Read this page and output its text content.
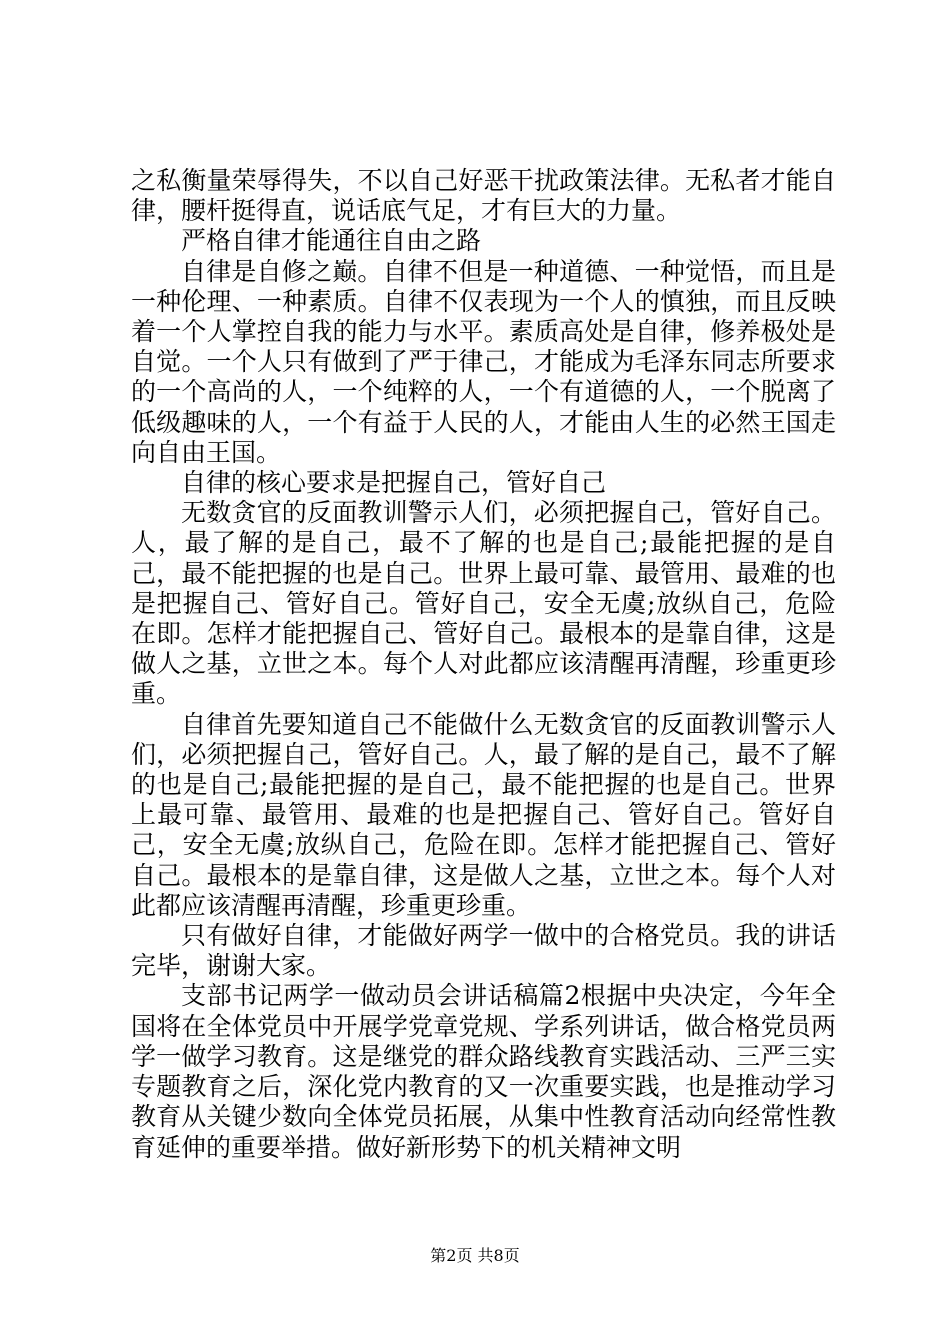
之私衡量荣辱得失，不以自己好恶干扰政策法律。无私者才能自律，腰杆挺得直，说话底气足，才有巨大的力量。

严格自律才能通往自由之路

自律是自修之巅。自律不但是一种道德、一种觉悟，而且是一种伦理、一种素质。自律不仅表现为一个人的慎独，而且反映着一个人掌控自我的能力与水平。素质高处是自律，修养极处是自觉。一个人只有做到了严于律己，才能成为毛泽东同志所要求的一个高尚的人，一个纯粹的人，一个有道德的人，一个脱离了低级趣味的人，一个有益于人民的人，才能由人生的必然王国走向自由王国。

自律的核心要求是把握自己，管好自己

无数贪官的反面教训警示人们，必须把握自己，管好自己。人，最了解的是自己，最不了解的也是自己;最能把握的是自己，最不能把握的也是自己。世界上最可靠、最管用、最难的也是把握自己、管好自己。管好自己，安全无虞;放纵自己，危险在即。怎样才能把握自己、管好自己。最根本的是靠自律，这是做人之基，立世之本。每个人对此都应该清醒再清醒，珍重更珍重。

自律首先要知道自己不能做什么无数贪官的反面教训警示人们，必须把握自己，管好自己。人，最了解的是自己，最不了解的也是自己;最能把握的是自己，最不能把握的也是自己。世界上最可靠、最管用、最难的也是把握自己、管好自己。管好自己，安全无虞;放纵自己，危险在即。怎样才能把握自己、管好自己。最根本的是靠自律，这是做人之基，立世之本。每个人对此都应该清醒再清醒，珍重更珍重。

只有做好自律，才能做好两学一做中的合格党员。我的讲话完毕，谢谢大家。

支部书记两学一做动员会讲话稿篇2根据中央决定，今年全国将在全体党员中开展学党章党规、学系列讲话，做合格党员两学一做学习教育。这是继党的群众路线教育实践活动、三严三实专题教育之后，深化党内教育的又一次重要实践，也是推动学习教育从关键少数向全体党员拓展，从集中性教育活动向经常性教育延伸的重要举措。做好新形势下的机关精神文明

第2页 共8页
